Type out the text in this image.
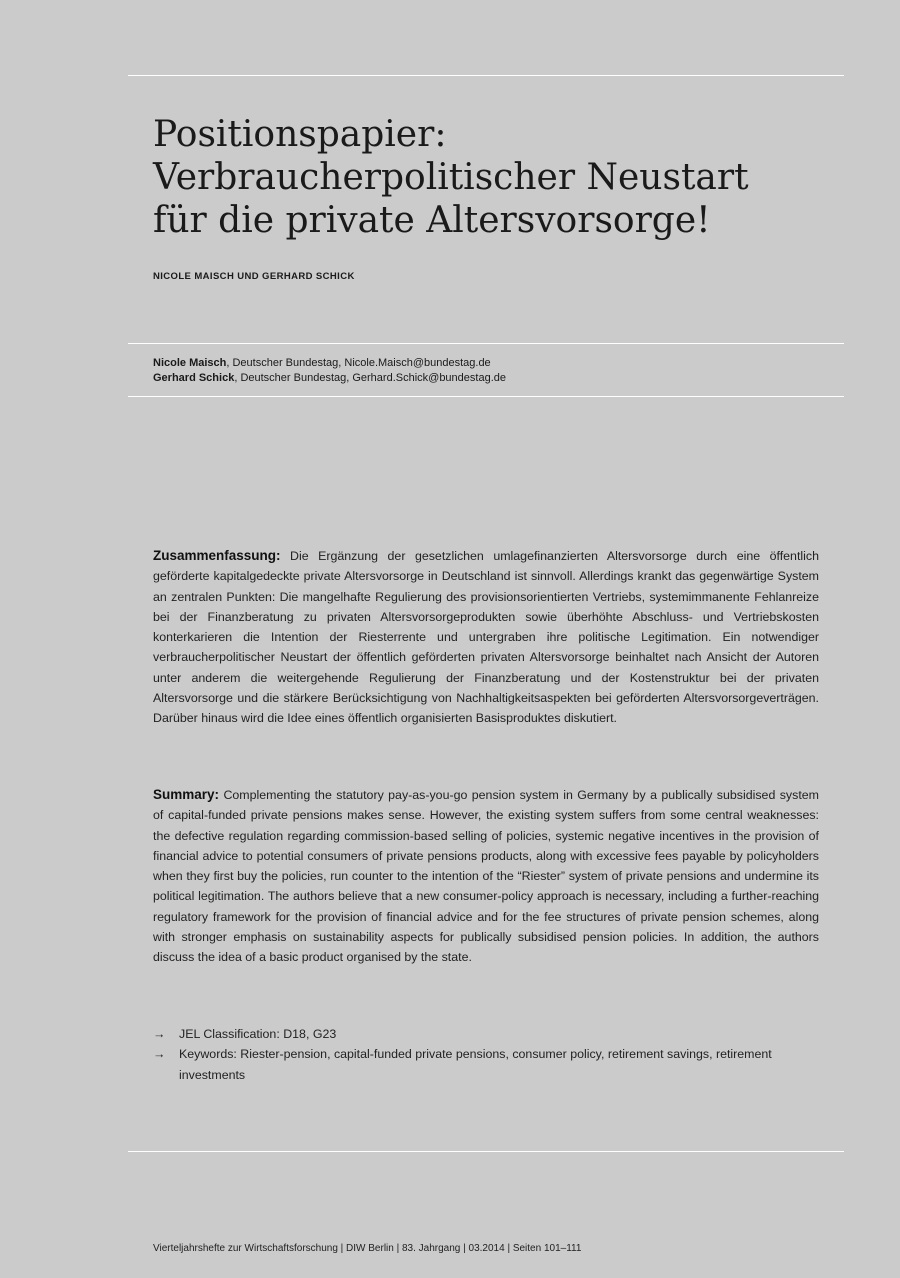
Positionspapier:
Verbraucherpolitischer Neustart
für die private Altersvorsorge!

NICOLE MAISCH UND GERHARD SCHICK

Nicole Maisch, Deutscher Bundestag, Nicole.Maisch@bundestag.de
Gerhard Schick, Deutscher Bundestag, Gerhard.Schick@bundestag.de

Zusammenfassung: Die Ergänzung der gesetzlichen umlagefinanzierten Altersvorsorge durch eine öffentlich geförderte kapitalgedeckte private Altersvorsorge in Deutschland ist sinnvoll. Allerdings krankt das gegenwärtige System an zentralen Punkten: Die mangelhafte Regulierung des provisionsorientierten Vertriebs, systemimmanente Fehlanreize bei der Finanzberatung zu privaten Altersvorsorgeprodukten sowie überhöhte Abschluss- und Vertriebskosten konterkarieren die Intention der Riesterrente und untergraben ihre politische Legitimation. Ein notwendiger verbraucherpolitischer Neustart der öffentlich geförderten privaten Altersvorsorge beinhaltet nach Ansicht der Autoren unter anderem die weitergehende Regulierung der Finanzberatung und der Kostenstruktur bei der privaten Altersvorsorge und die stärkere Berücksichtigung von Nachhaltigkeitsaspekten bei geförderten Altersvorsorgeverträgen. Darüber hinaus wird die Idee eines öffentlich organisierten Basisproduktes diskutiert.

Summary: Complementing the statutory pay-as-you-go pension system in Germany by a publically subsidised system of capital-funded private pensions makes sense. However, the existing system suffers from some central weaknesses: the defective regulation regarding commission-based selling of policies, systemic negative incentives in the provision of financial advice to potential consumers of private pensions products, along with excessive fees payable by policyholders when they first buy the policies, run counter to the intention of the “Riester” system of private pensions and undermine its political legitimation. The authors believe that a new consumer-policy approach is necessary, including a further-reaching regulatory framework for the provision of financial advice and for the fee structures of private pension schemes, along with stronger emphasis on sustainability aspects for publically subsidised pension policies. In addition, the authors discuss the idea of a basic product organised by the state.

→ JEL Classification: D18, G23
→ Keywords: Riester-pension, capital-funded private pensions, consumer policy, retirement savings, retirement investments
Vierteljahrshefte zur Wirtschaftsforschung | DIW Berlin | 83. Jahrgang | 03.2014 | Seiten 101–111
